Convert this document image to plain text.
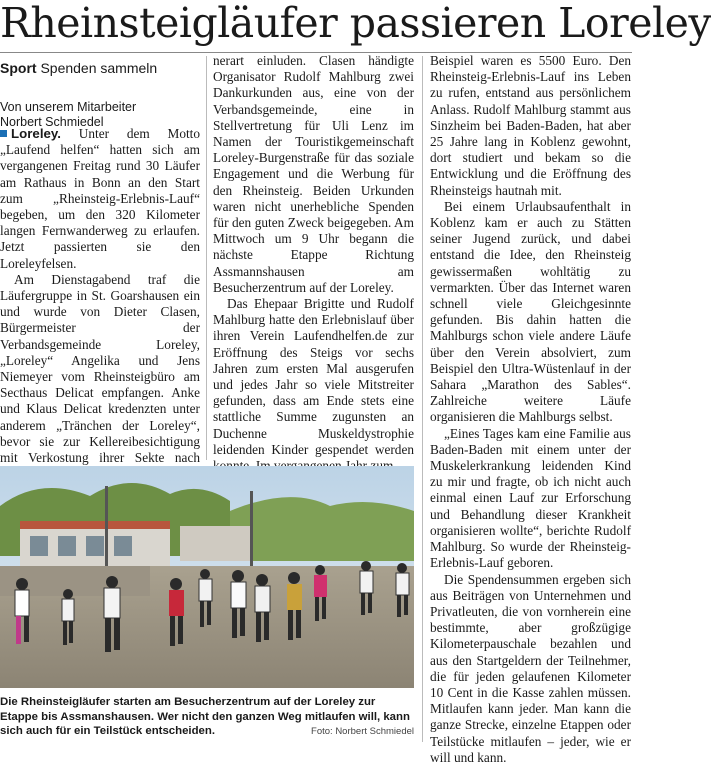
Rheinsteigläufer passieren Loreley
Sport Spenden sammeln
Von unserem Mitarbeiter
Norbert Schmiedel

Loreley. Unter dem Motto „Laufend helfen“ hatten sich am vergangenen Freitag rund 30 Läufer am Rathaus in Bonn an den Start zum „Rheinsteig-Erlebnis-Lauf“ begeben, um den 320 Kilometer langen Fernwanderweg zu erlaufen. Jetzt passierten sie den Loreleyfelsen.

Am Dienstagabend traf die Läufergruppe in St. Goarshausen ein und wurde von Dieter Clasen, Bürgermeister der Verbandsgemeinde Loreley, „Loreley“ Angelika und Jens Niemeyer vom Rheinsteigbüro am Secthaus Delicat empfangen. Anke und Klaus Delicat kredenzten unter anderem „Tränchen der Loreley“, bevor sie zur Kellereibesichtigung mit Verkostung ihrer Sekte nach

nerart einluden. Clasen händigte Organisator Rudolf Mahlburg zwei Dankurkunden aus, eine von der Verbandsgemeinde, eine in Stellvertretung für Uli Lenz im Namen der Touristikgemeinschaft Loreley-Burgenstraße für das soziale Engagement und die Werbung für den Rheinsteig. Beiden Urkunden waren nicht unerhebliche Spenden für den guten Zweck beigegeben. Am Mittwoch um 9 Uhr begann die nächste Etappe Richtung Assmannshausen am Besucherzentrum auf der Loreley.

Das Ehepaar Brigitte und Rudolf Mahlburg hatte den Erlebnislauf über ihren Verein Laufendhelfen.de zur Eröffnung des Steigs vor sechs Jahren zum ersten Mal ausgerufen und jedes Jahr so viele Mitstreiter gefunden, dass am Ende stets eine stattliche Summe zugunsten an Duchenne Muskeldystrophie leidenden Kinder gespendet werden

Beispiel waren es 5500 Euro. Den Rheinsteig-Erlebnis-Lauf ins Leben zu rufen, entstand aus persönlichem Anlass. Rudolf Mahlburg stammt aus Sinzheim bei Baden-Baden, hat aber 25 Jahre lang in Koblenz gewohnt, dort studiert und bekam so die Entwicklung und die Eröffnung des Rheinsteigs hautnah mit.

Bei einem Urlaubsaufenthalt in Koblenz kam er auch zu Stätten seiner Jugend zurück, und dabei entstand die Idee, den Rheinsteig gewissermaßen wohltätig zu vermarkten. Über das Internet waren schnell viele Gleichgesinnte gefunden. Bis dahin hatten die Mahlburgs schon viele andere Läufe über den Verein absolviert, zum Beispiel den Ultra-Wüstenlauf in der Sahara „Marathon des Sables“. Zahlreiche weitere Läufe organisieren die Mahlburgs selbst.

„Eines Tages kam eine Familie aus Baden-Baden mit einem unter der Muskelerkrankung leidenden Kind zu mir und fragte, ob ich nicht auch einmal einen Lauf zur Erforschung und Behandlung dieser Krankheit organisieren wollte“, berichte Rudolf Mahlburg. So wurde der Rheinsteig-Erlebnis-Lauf geboren.

Die Spendensummen ergeben sich aus Beiträgen von Unternehmen und Privatleuten, die von vornherein eine bestimmte, aber großzügige Kilometerpauschale bezahlen und aus den Startgeldern der Teilnehmer, die für jeden gelaufenen Kilometer 10 Cent in die Kasse zahlen müssen. Mitlaufen kann jeder. Man kann die ganze Strecke, einzelne Etappen oder Teilstücke mitlaufen – jeder, wie er will und kann.

Die Rheinsteigläufer starten am Besucherzentrum auf der Loreley zur Etappe bis Assmanshausen. Wer nicht den ganzen Weg mitlaufen will, kann sich auch für ein Teilstück entscheiden.	Foto: Norbert Schmiedel
